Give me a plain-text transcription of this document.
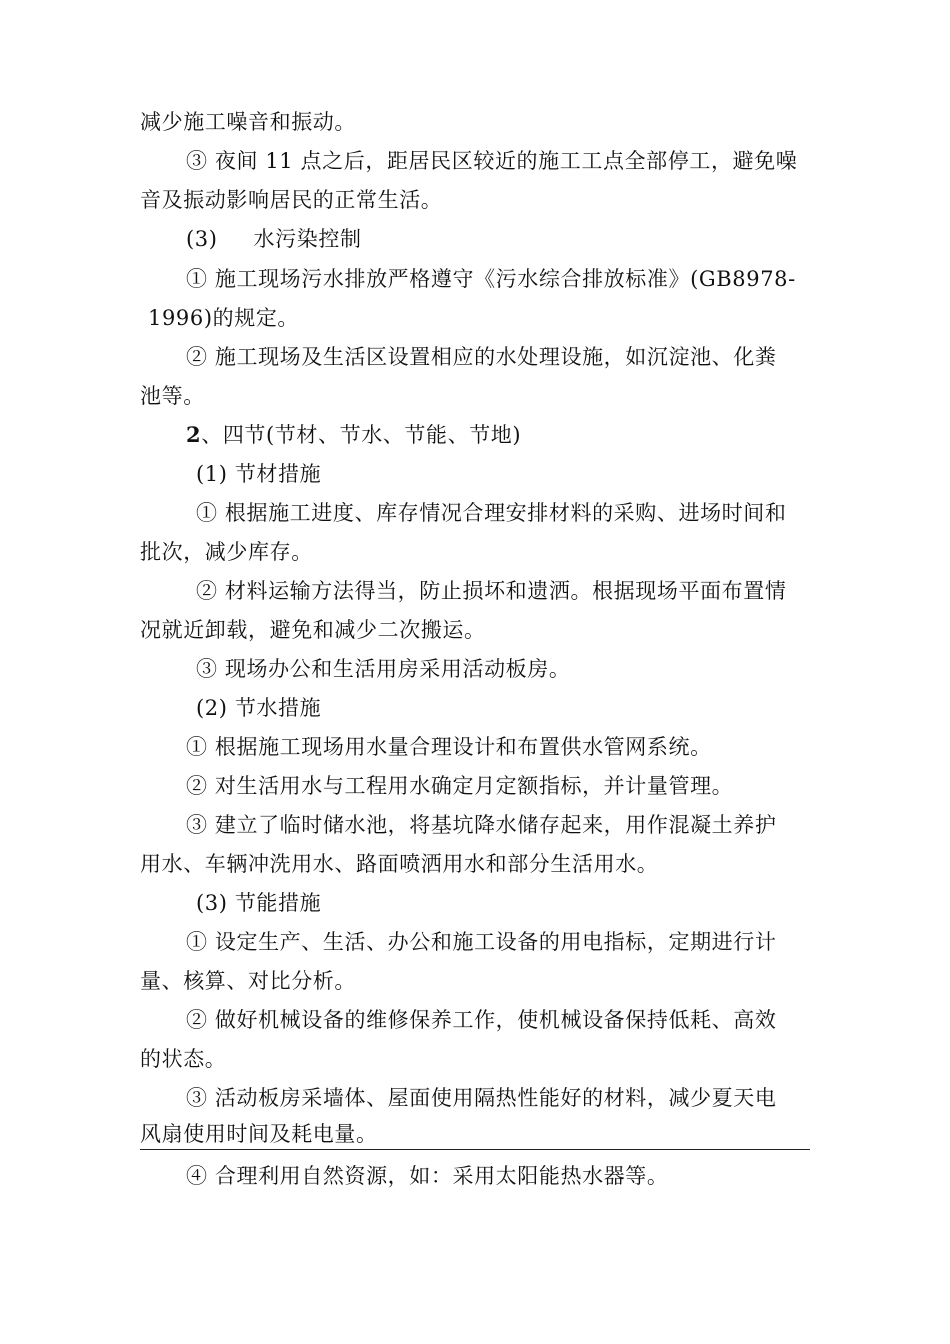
减少施工噪音和振动。
③ 夜间 11 点之后，距居民区较近的施工工点全部停工，避免噪
音及振动影响居民的正常生活。
(3) 水污染控制
① 施工现场污水排放严格遵守《污水综合排放标准》(GB8978-
1996)的规定。
② 施工现场及生活区设置相应的水处理设施，如沉淀池、化粪
池等。
2、四节(节材、节水、节能、节地)
(1) 节材措施
① 根据施工进度、库存情况合理安排材料的采购、进场时间和
批次，减少库存。
② 材料运输方法得当，防止损坏和遗洒。根据现场平面布置情
况就近卸载，避免和减少二次搬运。
③ 现场办公和生活用房采用活动板房。
(2) 节水措施
① 根据施工现场用水量合理设计和布置供水管网系统。
② 对生活用水与工程用水确定月定额指标，并计量管理。
③ 建立了临时储水池，将基坑降水储存起来，用作混凝土养护
用水、车辆冲洗用水、路面喷洒用水和部分生活用水。
(3) 节能措施
① 设定生产、生活、办公和施工设备的用电指标，定期进行计
量、核算、对比分析。
② 做好机械设备的维修保养工作，使机械设备保持低耗、高效
的状态。
③ 活动板房采墙体、屋面使用隔热性能好的材料，减少夏天电
风扇使用时间及耗电量。
④ 合理利用自然资源，如：采用太阳能热水器等。
